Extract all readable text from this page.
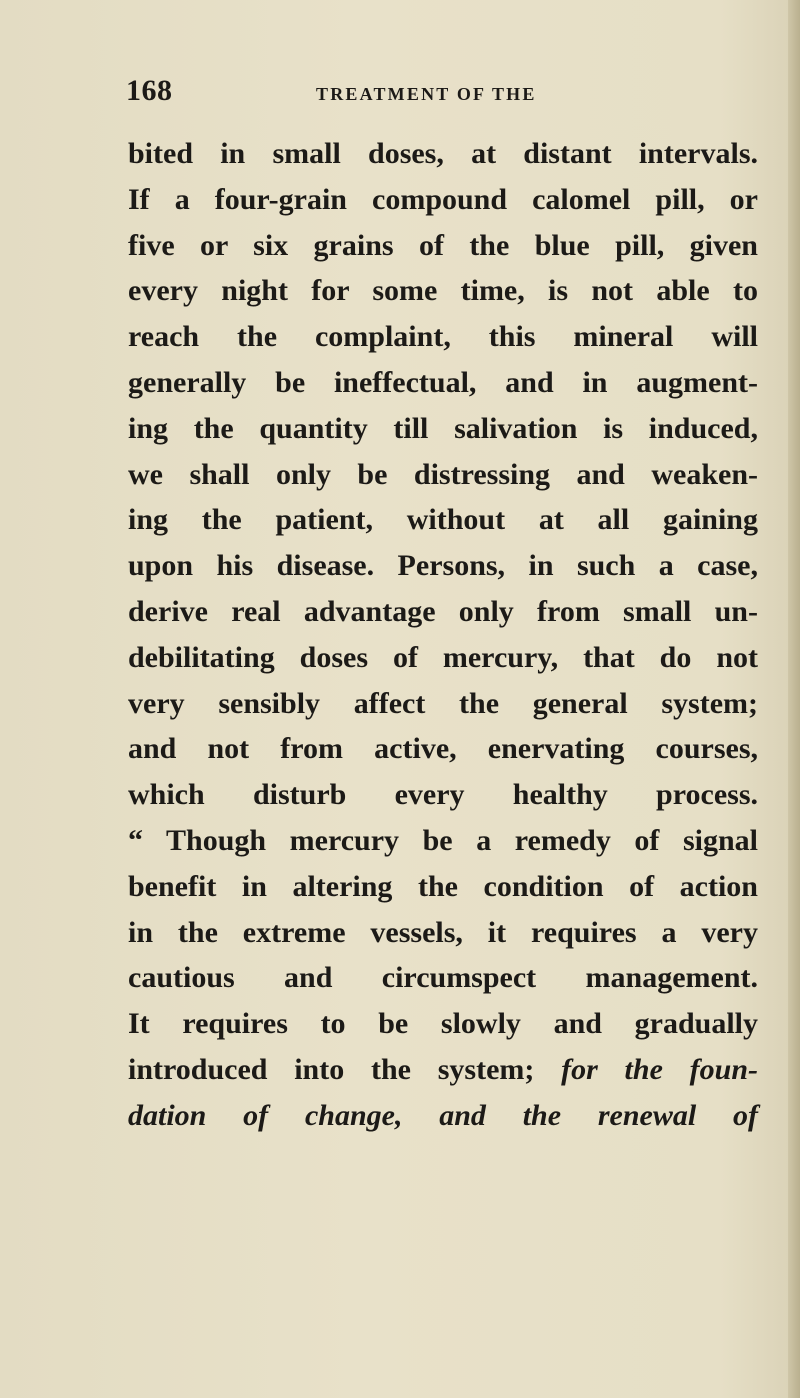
168	TREATMENT OF THE
bited in small doses, at distant intervals.
If a four-grain compound calomel pill, or
five or six grains of the blue pill, given
every night for some time, is not able to
reach the complaint, this mineral will
generally be ineffectual, and in augment-
ing the quantity till salivation is induced,
we shall only be distressing and weaken-
ing the patient, without at all gaining
upon his disease. Persons, in such a case,
derive real advantage only from small un-
debilitating doses of mercury, that do not
very sensibly affect the general system;
and not from active, enervating courses,
which disturb every healthy process.
“ Though mercury be a remedy of signal
benefit in altering the condition of action
in the extreme vessels, it requires a very
cautious and circumspect management.
It requires to be slowly and gradually
introduced into the system; for the foun-
dation of change, and the renewal of
